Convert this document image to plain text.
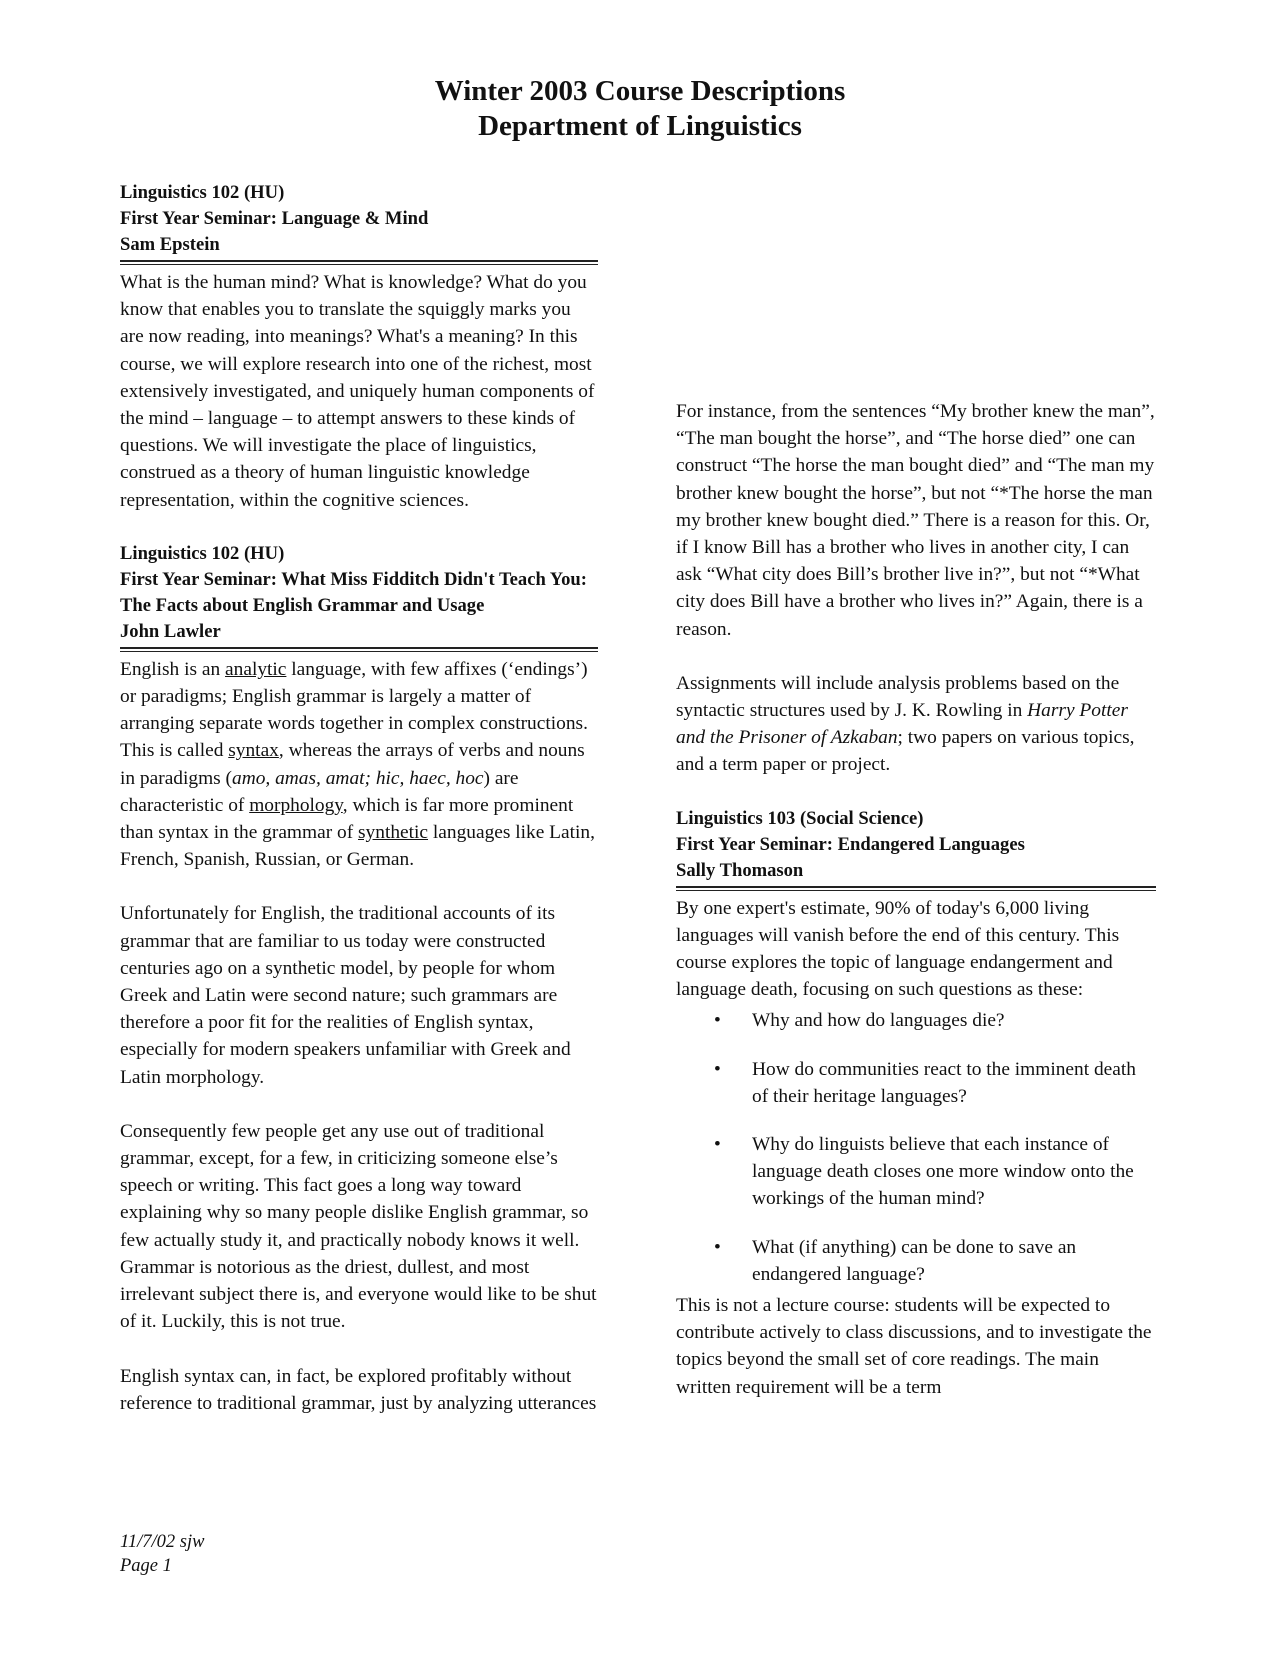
Winter 2003 Course Descriptions
Department of Linguistics
Linguistics 102 (HU)
First Year Seminar: Language & Mind
Sam Epstein
What is the human mind? What is knowledge? What do you know that enables you to translate the squiggly marks you are now reading, into meanings? What's a meaning? In this course, we will explore research into one of the richest, most extensively investigated, and uniquely human components of the mind – language – to attempt answers to these kinds of questions. We will investigate the place of linguistics, construed as a theory of human linguistic knowledge representation, within the cognitive sciences.
Linguistics 102 (HU)
First Year Seminar: What Miss Fidditch Didn't Teach You: The Facts about English Grammar and Usage
John Lawler
English is an analytic language, with few affixes (‘endings’) or paradigms; English grammar is largely a matter of arranging separate words together in complex constructions. This is called syntax, whereas the arrays of verbs and nouns in paradigms (amo, amas, amat; hic, haec, hoc) are characteristic of morphology, which is far more prominent than syntax in the grammar of synthetic languages like Latin, French, Spanish, Russian, or German.
Unfortunately for English, the traditional accounts of its grammar that are familiar to us today were constructed centuries ago on a synthetic model, by people for whom Greek and Latin were second nature; such grammars are therefore a poor fit for the realities of English syntax, especially for modern speakers unfamiliar with Greek and Latin morphology.
Consequently few people get any use out of traditional grammar, except, for a few, in criticizing someone else’s speech or writing. This fact goes a long way toward explaining why so many people dislike English grammar, so few actually study it, and practically nobody knows it well. Grammar is notorious as the driest, dullest, and most irrelevant subject there is, and everyone would like to be shut of it. Luckily, this is not true.
English syntax can, in fact, be explored profitably without reference to traditional grammar, just by analyzing utterances
For instance, from the sentences “My brother knew the man”, “The man bought the horse”, and “The horse died” one can construct “The horse the man bought died” and “The man my brother knew bought the horse”, but not “*The horse the man my brother knew bought died.” There is a reason for this. Or, if I know Bill has a brother who lives in another city, I can ask “What city does Bill’s brother live in?”, but not “*What city does Bill have a brother who lives in?” Again, there is a reason.
Assignments will include analysis problems based on the syntactic structures used by J. K. Rowling in Harry Potter and the Prisoner of Azkaban; two papers on various topics, and a term paper or project.
Linguistics 103 (Social Science)
First Year Seminar: Endangered Languages
Sally Thomason
By one expert's estimate, 90% of today's 6,000 living languages will vanish before the end of this century. This course explores the topic of language endangerment and language death, focusing on such questions as these:
• Why and how do languages die?
• How do communities react to the imminent death of their heritage languages?
• Why do linguists believe that each instance of language death closes one more window onto the workings of the human mind?
• What (if anything) can be done to save an endangered language?
This is not a lecture course: students will be expected to contribute actively to class discussions, and to investigate the topics beyond the small set of core readings. The main written requirement will be a term
11/7/02 sjw
Page 1
